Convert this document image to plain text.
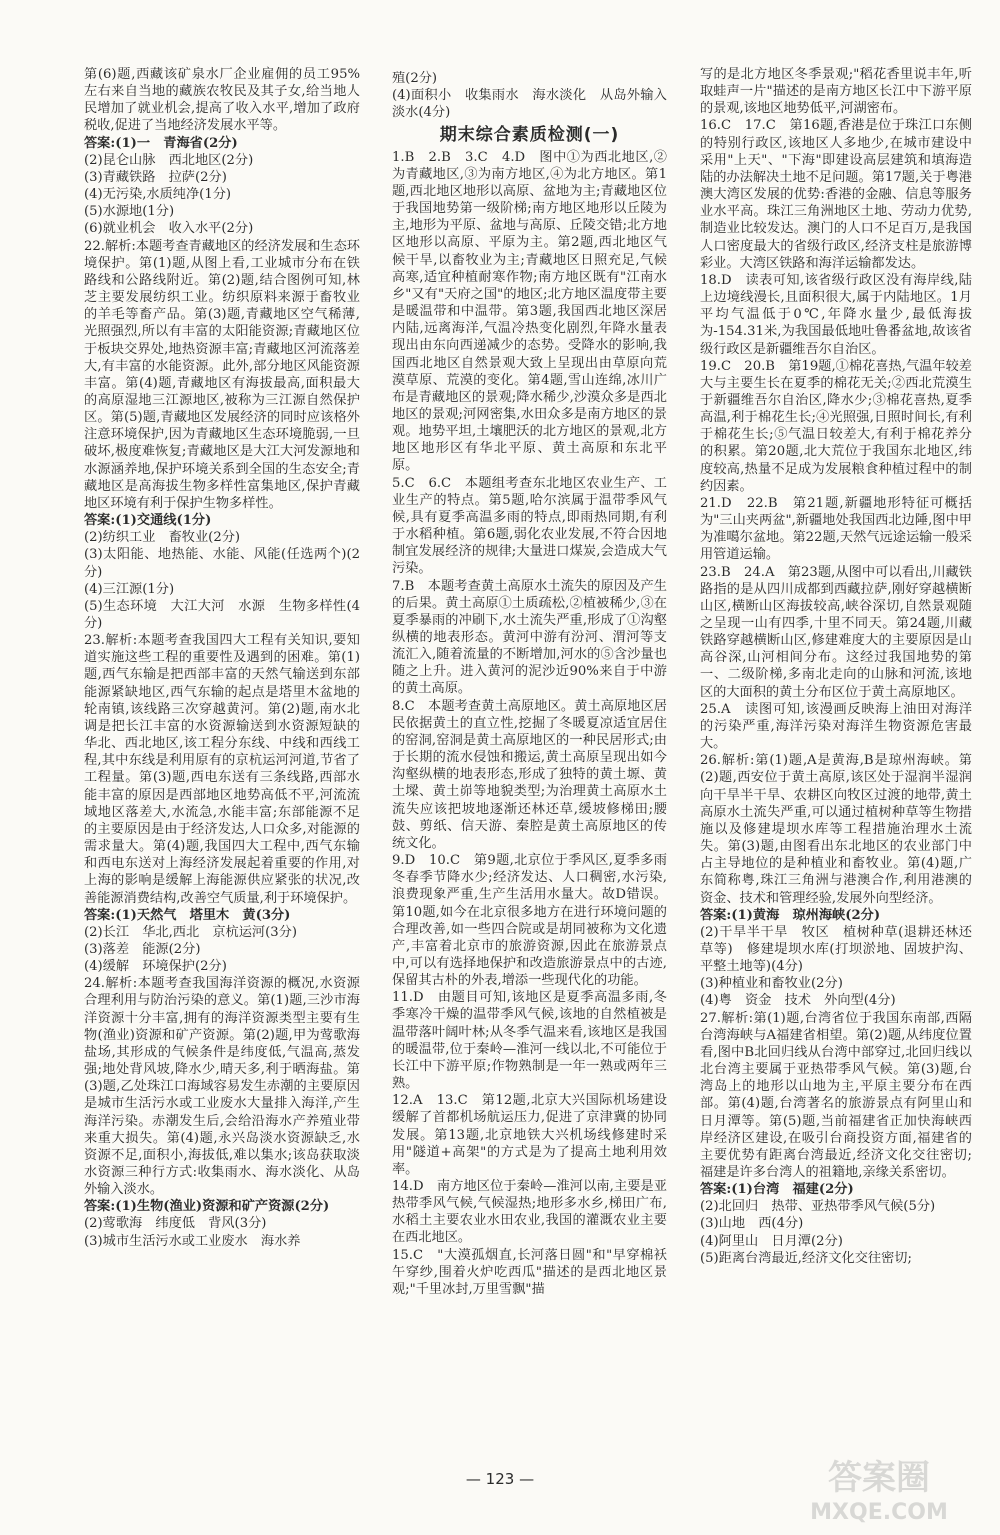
第(6)题,西藏该矿泉水厂企业雇佣的员工95%左右来自当地的藏族农牧民及其子女,给当地人民增加了就业机会,提高了收入水平,增加了政府税收,促进了当地经济发展水平等。

答案:(1)一　青海省(2分)

(2)昆仑山脉　西北地区(2分)

(3)青藏铁路　拉萨(2分)

(4)无污染,水质纯净(1分)

(5)水源地(1分)

(6)就业机会　收入水平(2分)

22.解析:本题考查青藏地区的经济发展和生态环境保护。第(1)题,从图上看,工业城市分布在铁路线和公路线附近。第(2)题,结合图例可知,林芝主要发展纺织工业。纺织原料来源于畜牧业的羊毛等畜产品。第(3)题,青藏地区空气稀薄,光照强烈,所以有丰富的太阳能资源;青藏地区位于板块交界处,地热资源丰富;青藏地区河流落差大,有丰富的水能资源。此外,部分地区风能资源丰富。第(4)题,青藏地区有海拔最高,面积最大的高原湿地三江源地区,被称为三江源自然保护区。第(5)题,青藏地区发展经济的同时应该格外注意环境保护,因为青藏地区生态环境脆弱,一旦破坏,极度难恢复;青藏地区是大江大河发源地和水源涵养地,保护环境关系到全国的生态安全;青藏地区是高海拔生物多样性富集地区,保护青藏地区环境有利于保护生物多样性。

答案:(1)交通线(1分)

(2)纺织工业　畜牧业(2分)

(3)太阳能、地热能、水能、风能(任选两个)(2分)

(4)三江源(1分)

(5)生态环境　大江大河　水源　生物多样性(4分)

23.解析:本题考查我国四大工程有关知识,要知道实施这些工程的重要性及遇到的困难。第(1)题,西气东输是把西部丰富的天然气输送到东部能源紧缺地区,西气东输的起点是塔里木盆地的轮南镇,该线路三次穿越黄河。第(2)题,南水北调是把长江丰富的水资源输送到水资源短缺的华北、西北地区,该工程分东线、中线和西线工程,其中东线是利用原有的京杭运河河道,节省了工程量。第(3)题,西电东送有三条线路,西部水能丰富的原因是西部地区地势高低不平,河流流域地区落差大,水流急,水能丰富;东部能源不足的主要原因是由于经济发达,人口众多,对能源的需求量大。第(4)题,我国四大工程中,西气东输和西电东送对上海经济发展起着重要的作用,对上海的影响是缓解上海能源供应紧张的状况,改善能源消费结构,改善空气质量,利于环境保护。

答案:(1)天然气　塔里木　黄(3分)

(2)长江　华北,西北　京杭运河(3分)

(3)落差　能源(2分)

(4)缓解　环境保护(2分)

24.解析:本题考查我国海洋资源的概况,水资源合理利用与防治污染的意义。第(1)题,三沙市海洋资源十分丰富,拥有的海洋资源类型主要有生物(渔业)资源和矿产资源。第(2)题,甲为莺歌海盐场,其形成的气候条件是纬度低,气温高,蒸发强;地处背风坡,降水少,晴天多,利于晒海盐。第(3)题,乙处珠江口海域容易发生赤潮的主要原因是城市生活污水或工业废水大量排入海洋,产生海洋污染。赤潮发生后,会给沿海水产养殖业带来重大损失。第(4)题,永兴岛淡水资源缺乏,水资源不足,面积小,海拔低,难以集水;该岛获取淡水资源三种行方式:收集雨水、海水淡化、从岛外输入淡水。

答案:(1)生物(渔业)资源和矿产资源(2分)

(2)莺歌海　纬度低　背风(3分)

(3)城市生活污水或工业废水　海水养

殖(2分)

(4)面积小　收集雨水　海水淡化　从岛外输入淡水(4分)

期末综合素质检测(一)

1.B　2.B　3.C　4.D　图中①为西北地区,②为青藏地区,③为南方地区,④为北方地区。第1题,西北地区地形以高原、盆地为主;青藏地区位于我国地势第一级阶梯;南方地区地形以丘陵为主,地形为平原、盆地与高原、丘陵交错;北方地区地形以高原、平原为主。第2题,西北地区气候干旱,以畜牧业为主;青藏地区日照充足,气候高寒,适宜种植耐寒作物;南方地区既有"江南水乡"又有"天府之国"的地区;北方地区温度带主要是暖温带和中温带。第3题,我国西北地区深居内陆,远离海洋,气温冷热变化剧烈,年降水量表现出由东向西递减少的态势。受降水的影响,我国西北地区自然景观大致上呈现出由草原向荒漠草原、荒漠的变化。第4题,雪山连绵,冰川广布是青藏地区的景观;降水稀少,沙漠众多是西北地区的景观;河网密集,水田众多是南方地区的景观。地势平坦,土壤肥沃的北方地区的景观,北方地区地形区有华北平原、黄土高原和东北平原。

5.C　6.C　本题组考查东北地区农业生产、工业生产的特点。第5题,哈尔滨属于温带季风气候,具有夏季高温多雨的特点,即雨热同期,有利于水稻种植。第6题,弱化农业发展,不符合因地制宜发展经济的规律;大量进口煤炭,会造成大气污染。

7.B　本题考查黄土高原水土流失的原因及产生的后果。黄土高原①土质疏松,②植被稀少,③在夏季暴雨的冲刷下,水土流失严重,形成了①沟壑纵横的地表形态。黄河中游有汾河、渭河等支流汇入,随着流量的不断增加,河水的⑤含沙量也随之上升。进入黄河的泥沙近90%来自于中游的黄土高原。

8.C　本题考查黄土高原地区。黄土高原地区居民依据黄土的直立性,挖掘了冬暖夏凉适宜居住的窑洞,窑洞是黄土高原地区的一种民居形式;由于长期的流水侵蚀和搬运,黄土高原呈现出如今沟壑纵横的地表形态,形成了独特的黄土塬、黄土墚、黄土峁等地貌类型;为治理黄土高原水土流失应该把坡地逐渐还林还草,缓坡修梯田;腰鼓、剪纸、信天游、秦腔是黄土高原地区的传统文化。

9.D　10.C　第9题,北京位于季风区,夏季多雨冬春季节降水少;经济发达、人口稠密,水污染,浪费现象严重,生产生活用水量大。故D错误。第10题,如今在北京很多地方在进行环境问题的合理改善,如一些四合院或是胡同被称为文化遗产,丰富着北京市的旅游资源,因此在旅游景点中,可以有选择地保护和改造旅游景点中的古迹,保留其古朴的外表,增添一些现代化的功能。

11.D　由题目可知,该地区是夏季高温多雨,冬季寒冷干燥的温带季风气候,该地的自然植被是温带落叶阔叶林;从冬季气温来看,该地区是我国的暖温带,位于秦岭—淮河一线以北,不可能位于长江中下游平原;作物熟制是一年一熟或两年三熟。

12.A　13.C　第12题,北京大兴国际机场建设缓解了首都机场航运压力,促进了京津冀的协同发展。第13题,北京地铁大兴机场线修建时采用"隧道+高架"的方式是为了提高土地利用效率。

14.D　南方地区位于秦岭—淮河以南,主要是亚热带季风气候,气候湿热;地形多水乡,梯田广布,水稻土主要农业水田农业,我国的灌溉农业主要在西北地区。

15.C　"大漠孤烟直,长河落日圆"和"早穿棉袄午穿纱,围着火炉吃西瓜"描述的是西北地区景观;"千里冰封,万里雪飘"描

写的是北方地区冬季景观;"稻花香里说丰年,听取蛙声一片"描述的是南方地区长江中下游平原的景观,该地区地势低平,河湖密布。

16.C　17.C　第16题,香港是位于珠江口东侧的特别行政区,该地区人多地少,在城市建设中采用"上天"、"下海"即建设高层建筑和填海造陆的办法解决土地不足问题。第17题,关于粤港澳大湾区发展的优势:香港的金融、信息等服务业水平高。珠江三角洲地区土地、劳动力优势,制造业比较发达。澳门的人口不足百万,是我国人口密度最大的省级行政区,经济支柱是旅游博彩业。大湾区铁路和海洋运输都发达。

18.D　读表可知,该省级行政区没有海岸线,陆上边境线漫长,且面积很大,属于内陆地区。1月平均气温低于0℃,年降水量少,最低海拔为-154.31米,为我国最低地吐鲁番盆地,故该省级行政区是新疆维吾尔自治区。

19.C　20.B　第19题,①棉花喜热,气温年较差大与主要生长在夏季的棉花无关;②西北荒漠生于新疆维吾尔自治区,降水少;③棉花喜热,夏季高温,利于棉花生长;④光照强,日照时间长,有利于棉花生长;⑤气温日较差大,有利于棉花养分的积累。第20题,北大荒位于我国东北地区,纬度较高,热量不足成为发展粮食种植过程中的制约因素。

21.D　22.B　第21题,新疆地形特征可概括为"三山夹两盆",新疆地处我国西北边陲,图中甲为准噶尔盆地。第22题,天然气远途运输一般采用管道运输。

23.B　24.A　第23题,从图中可以看出,川藏铁路指的是从四川成都到西藏拉萨,刚好穿越横断山区,横断山区海拔较高,峡谷深切,自然景观随之呈现一山有四季,十里不同天。第24题,川藏铁路穿越横断山区,修建难度大的主要原因是山高谷深,山河相间分布。这经过我国地势的第一、二级阶梯,多南北走向的山脉和河流,该地区的大面积的黄土分布区位于黄土高原地区。

25.A　读图可知,该漫画反映海上油田对海洋的污染严重,海洋污染对海洋生物资源危害最大。

26.解析:第(1)题,A是黄海,B是琼州海峡。第(2)题,西安位于黄土高原,该区处于湿润半湿润向干旱半干旱、农耕区向牧区过渡的地带,黄土高原水土流失严重,可以通过植树种草等生物措施以及修建堤坝水库等工程措施治理水土流失。第(3)题,由图看出东北地区的农业部门中占主导地位的是种植业和畜牧业。第(4)题,广东简称粤,珠江三角洲与港澳合作,利用港澳的资金、技术和管理经验,发展外向型经济。

答案:(1)黄海　琼州海峡(2分)

(2)干旱半干旱　牧区　植树种草(退耕还林还草等)　修建堤坝水库(打坝淤地、固坡护沟、平整土地等)(4分)

(3)种植业和畜牧业(2分)

(4)粤　资金　技术　外向型(4分)

27.解析:第(1)题,台湾省位于我国东南部,西隔台湾海峡与A福建省相望。第(2)题,从纬度位置看,图中B北回归线从台湾中部穿过,北回归线以北台湾主要属于亚热带季风气候。第(3)题,台湾岛上的地形以山地为主,平原主要分布在西部。第(4)题,台湾著名的旅游景点有阿里山和日月潭等。第(5)题,当前福建省正加快海峡西岸经济区建设,在吸引台商投资方面,福建省的主要优势有距离台湾最近,经济文化交往密切;福建是许多台湾人的祖籍地,亲缘关系密切。

答案:(1)台湾　福建(2分)

(2)北回归　热带、亚热带季风气候(5分)

(3)山地　西(4分)

(4)阿里山　日月潭(2分)

(5)距离台湾最近,经济文化交往密切;

— 123 —	答案圈
MXQE.COM
